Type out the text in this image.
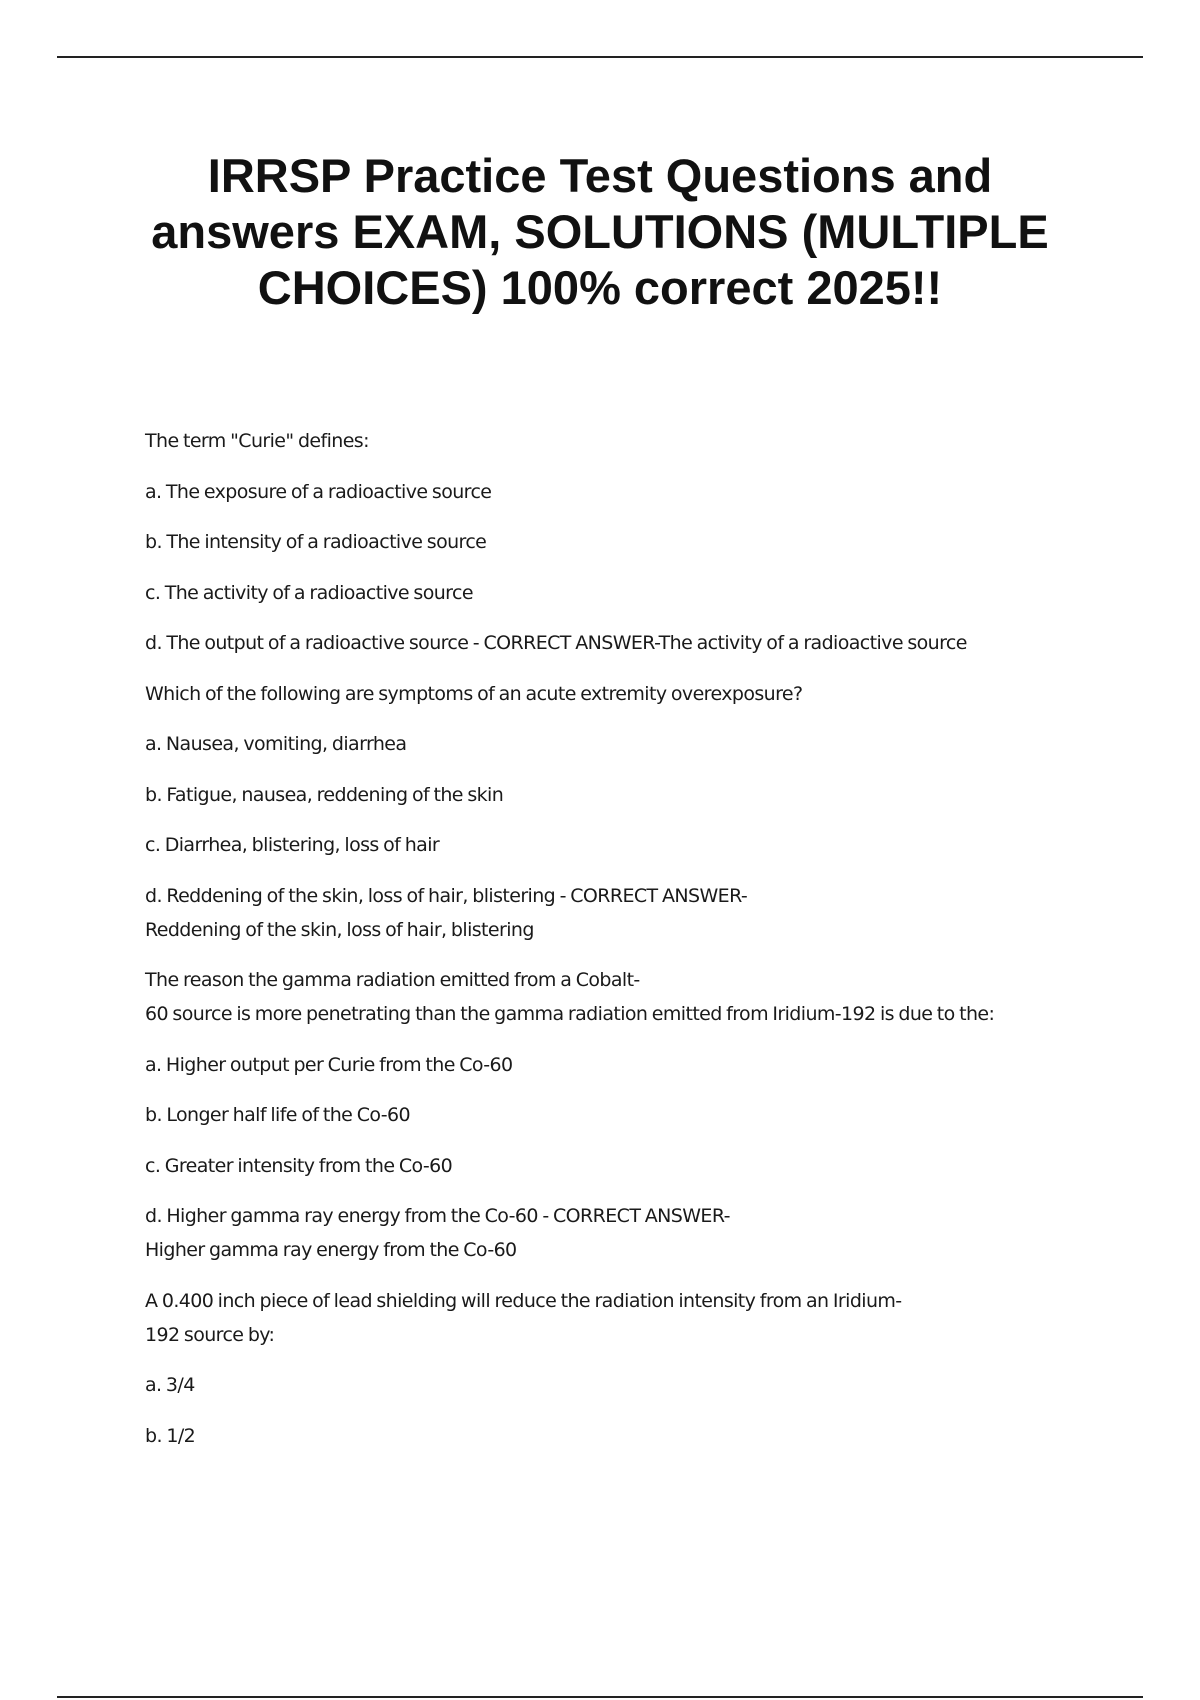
IRRSP Practice Test Questions and answers EXAM, SOLUTIONS (MULTIPLE CHOICES) 100% correct 2025!!

The term "Curie" defines:

a. The exposure of a radioactive source

b. The intensity of a radioactive source

c. The activity of a radioactive source

d. The output of a radioactive source - CORRECT ANSWER-The activity of a radioactive source

Which of the following are symptoms of an acute extremity overexposure?

a. Nausea, vomiting, diarrhea

b. Fatigue, nausea, reddening of the skin

c. Diarrhea, blistering, loss of hair

d. Reddening of the skin, loss of hair, blistering - CORRECT ANSWER-
Reddening of the skin, loss of hair, blistering

The reason the gamma radiation emitted from a Cobalt-
60 source is more penetrating than the gamma radiation emitted from Iridium-192 is due to the:

a. Higher output per Curie from the Co-60

b. Longer half life of the Co-60

c. Greater intensity from the Co-60

d. Higher gamma ray energy from the Co-60 - CORRECT ANSWER-
Higher gamma ray energy from the Co-60

A 0.400 inch piece of lead shielding will reduce the radiation intensity from an Iridium-
192 source by:

a. 3/4

b. 1/2
